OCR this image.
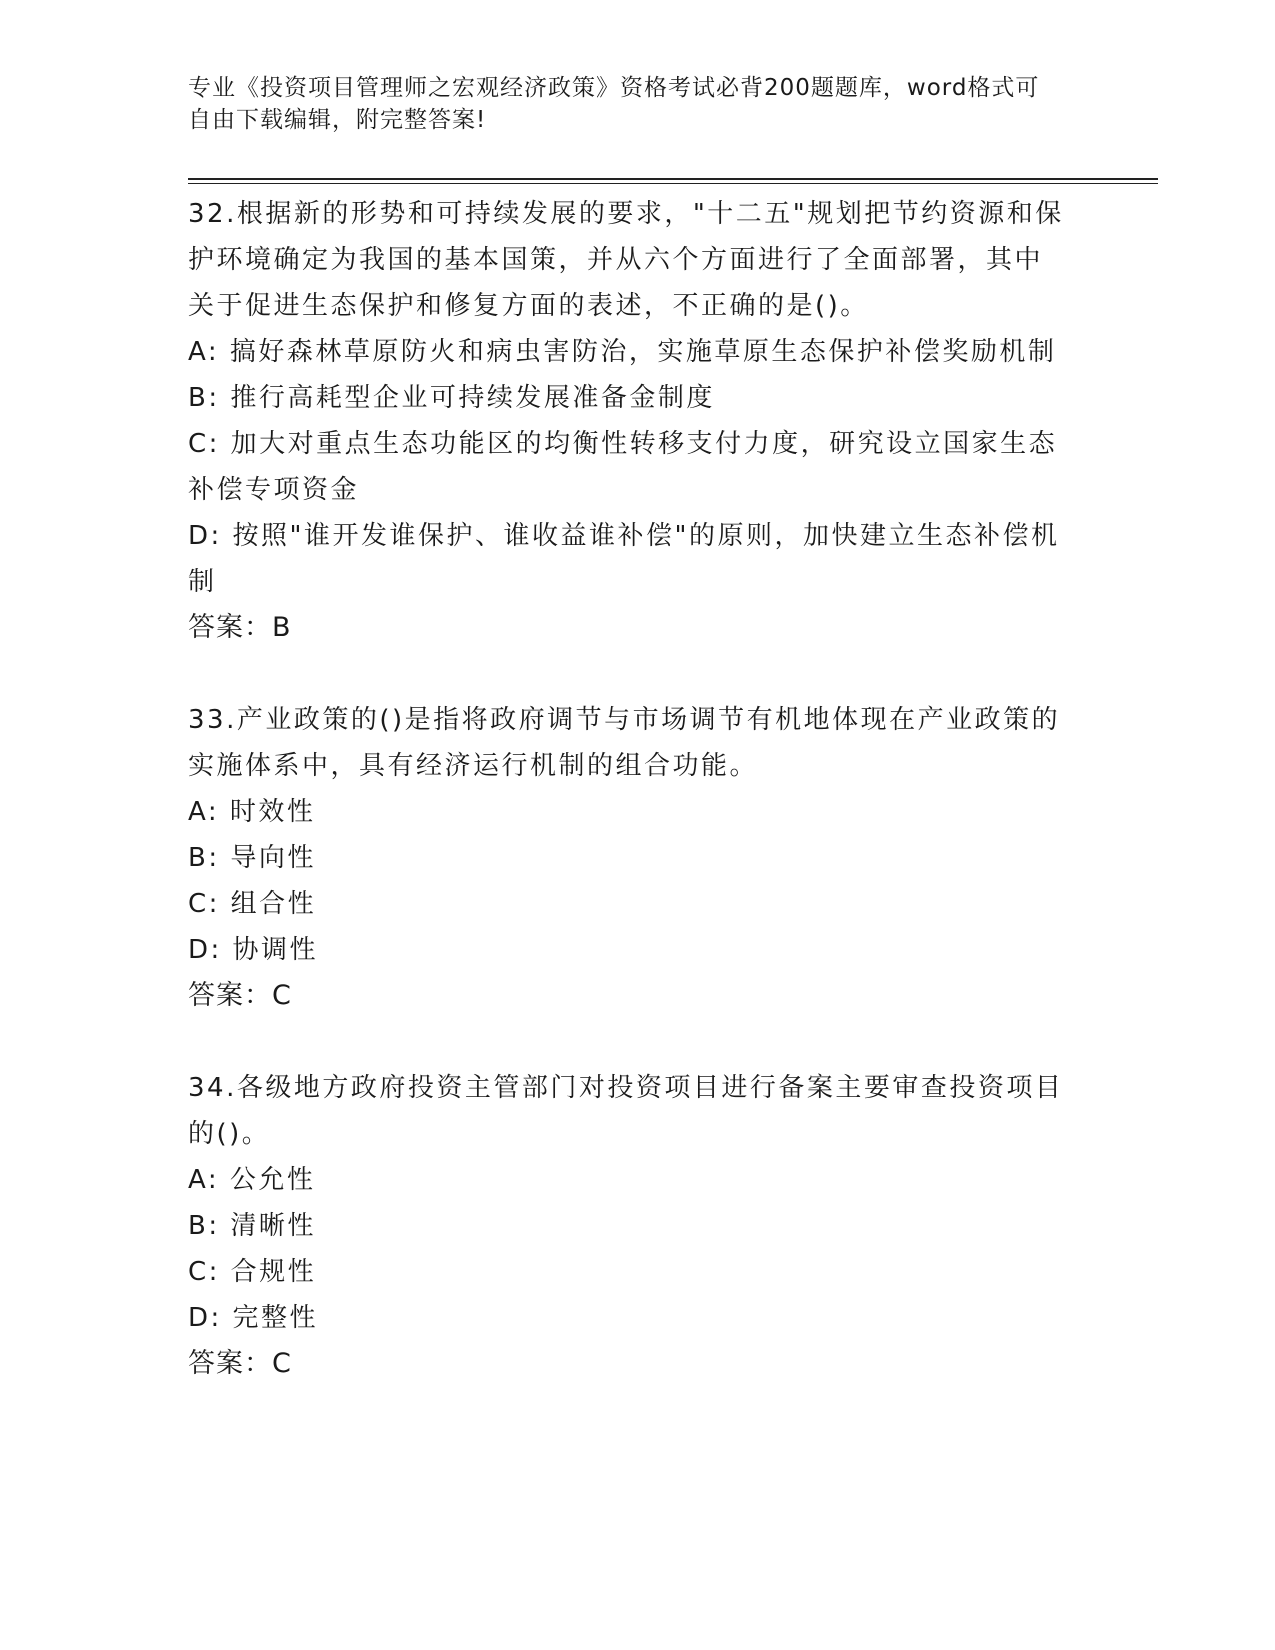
专业《投资项目管理师之宏观经济政策》资格考试必背200题题库，word格式可
自由下载编辑，附完整答案!

32.根据新的形势和可持续发展的要求，"十二五"规划把节约资源和保

护环境确定为我国的基本国策，并从六个方面进行了全面部署，其中

关于促进生态保护和修复方面的表述，不正确的是()。

A: 搞好森林草原防火和病虫害防治，实施草原生态保护补偿奖励机制

B: 推行高耗型企业可持续发展准备金制度

C: 加大对重点生态功能区的均衡性转移支付力度，研究设立国家生态

补偿专项资金

D: 按照"谁开发谁保护、谁收益谁补偿"的原则，加快建立生态补偿机

制

答案：B

33.产业政策的()是指将政府调节与市场调节有机地体现在产业政策的

实施体系中，具有经济运行机制的组合功能。

A: 时效性

B: 导向性

C: 组合性

D: 协调性

答案：C

34.各级地方政府投资主管部门对投资项目进行备案主要审查投资项目

的()。

A: 公允性

B: 清晰性

C: 合规性

D: 完整性

答案：C
